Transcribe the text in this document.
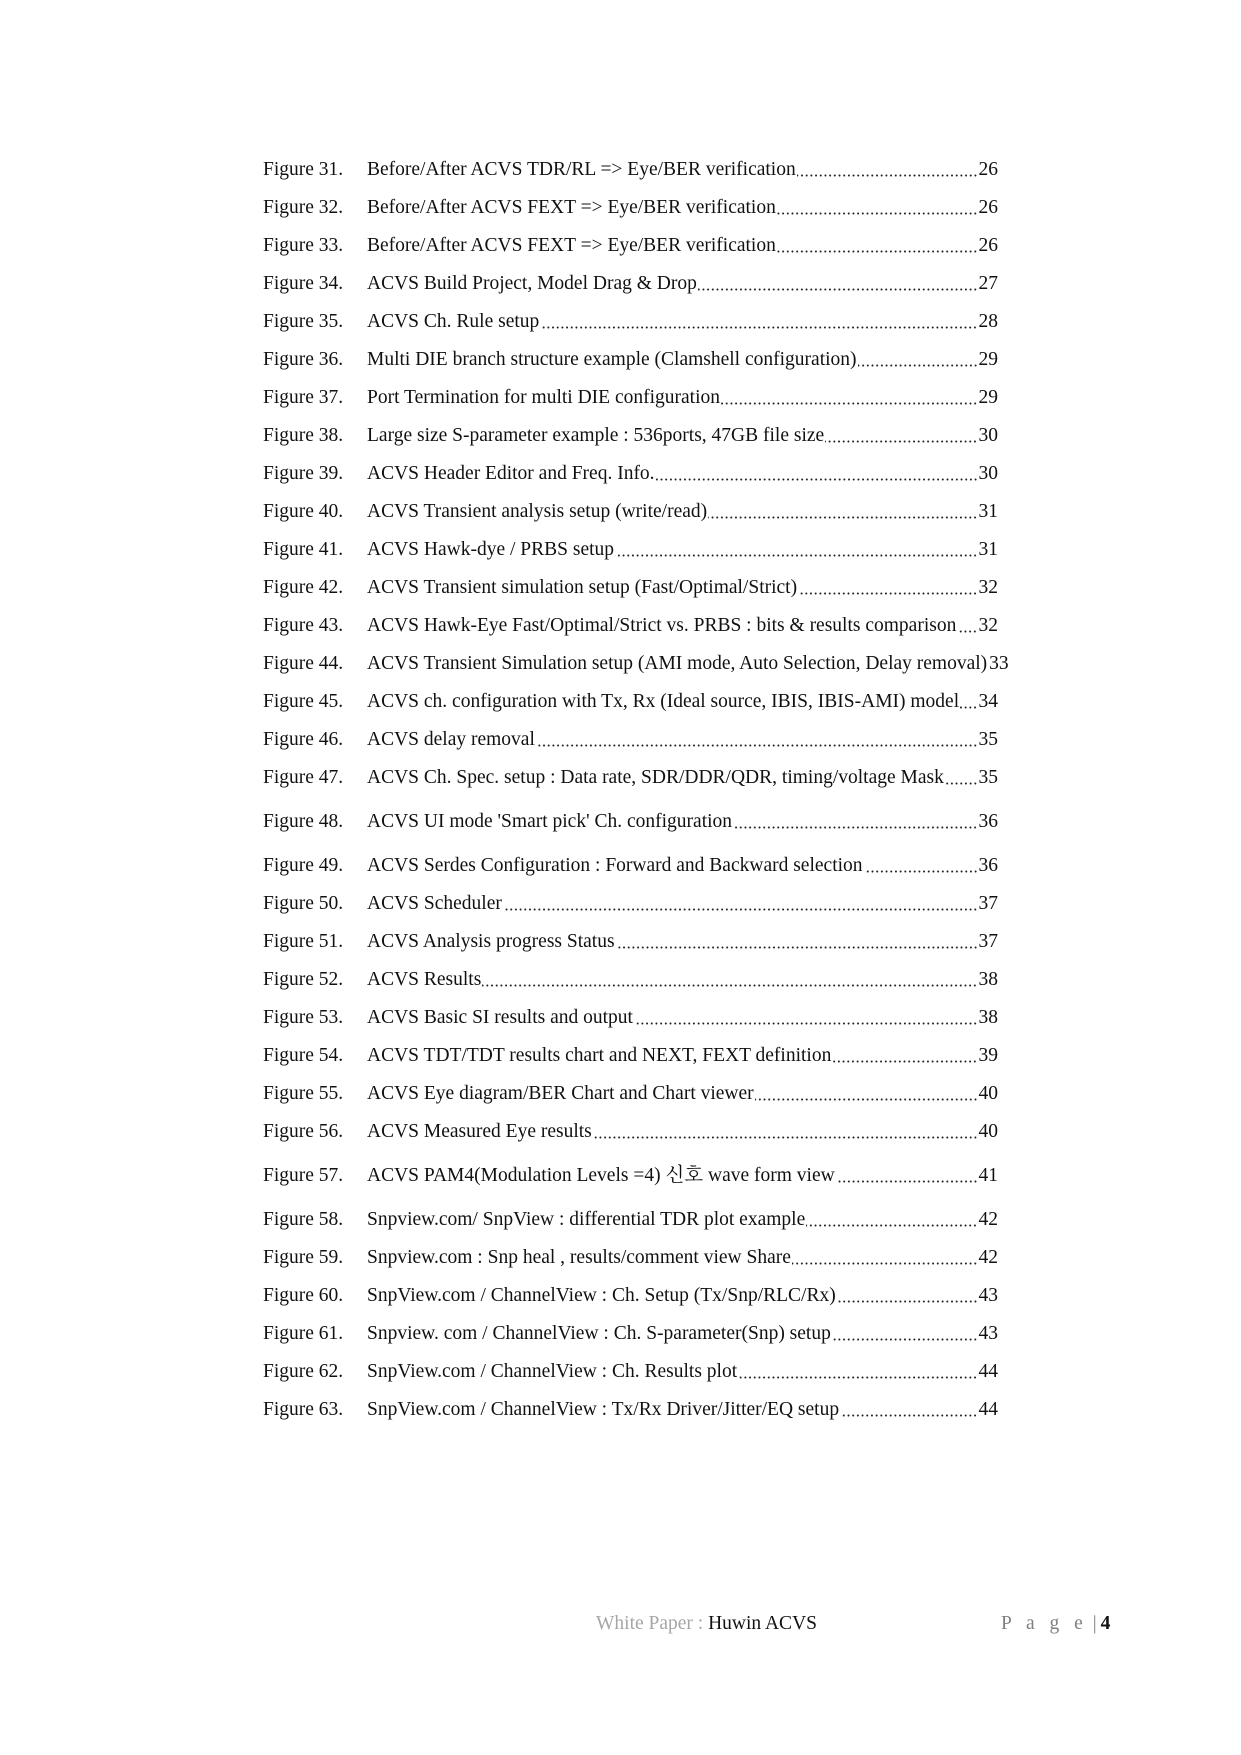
Figure 31.	Before/After ACVS TDR/RL => Eye/BER verification	26
Figure 32.	Before/After ACVS FEXT => Eye/BER verification	26
Figure 33.	Before/After ACVS FEXT => Eye/BER verification	26
Figure 34.	ACVS Build Project, Model Drag & Drop	27
Figure 35.	ACVS Ch. Rule setup	28
Figure 36.	Multi DIE branch structure example (Clamshell configuration)	29
Figure 37.	Port Termination for multi DIE configuration	29
Figure 38.	Large size S-parameter example : 536ports, 47GB file size	30
Figure 39.	ACVS Header Editor and Freq. Info.	30
Figure 40.	ACVS Transient analysis setup (write/read)	31
Figure 41.	ACVS Hawk-dye / PRBS setup	31
Figure 42.	ACVS Transient simulation setup (Fast/Optimal/Strict)	32
Figure 43.	ACVS Hawk-Eye Fast/Optimal/Strict vs. PRBS : bits & results comparison 32
Figure 44.	ACVS Transient Simulation setup (AMI mode, Auto Selection, Delay removal) 33
Figure 45.	ACVS ch. configuration with Tx, Rx (Ideal source, IBIS, IBIS-AMI) model 34
Figure 46.	ACVS delay removal	35
Figure 47.	ACVS Ch. Spec. setup : Data rate, SDR/DDR/QDR, timing/voltage Mask 35
Figure 48.	ACVS UI mode 'Smart pick' Ch. configuration	36
Figure 49.	ACVS Serdes Configuration : Forward and Backward selection	36
Figure 50.	ACVS Scheduler	37
Figure 51.	ACVS Analysis progress Status	37
Figure 52.	ACVS Results	38
Figure 53.	ACVS Basic SI results and output	38
Figure 54.	ACVS TDT/TDT results chart and NEXT, FEXT definition	39
Figure 55.	ACVS Eye diagram/BER Chart and Chart viewer	40
Figure 56.	ACVS Measured Eye results	40
Figure 57.	ACVS PAM4(Modulation Levels =4) 신호 wave form view	41
Figure 58.	Snpview.com/ SnpView : differential TDR plot example	42
Figure 59.	Snpview.com : Snp heal , results/comment view Share	42
Figure 60.	SnpView.com / ChannelView : Ch. Setup (Tx/Snp/RLC/Rx)	43
Figure 61.	Snpview. com / ChannelView : Ch. S-parameter(Snp) setup	43
Figure 62.	SnpView.com / ChannelView : Ch. Results plot	44
Figure 63.	SnpView.com / ChannelView : Tx/Rx Driver/Jitter/EQ setup	44
White Paper : Huwin ACVS	P a g e | 4
